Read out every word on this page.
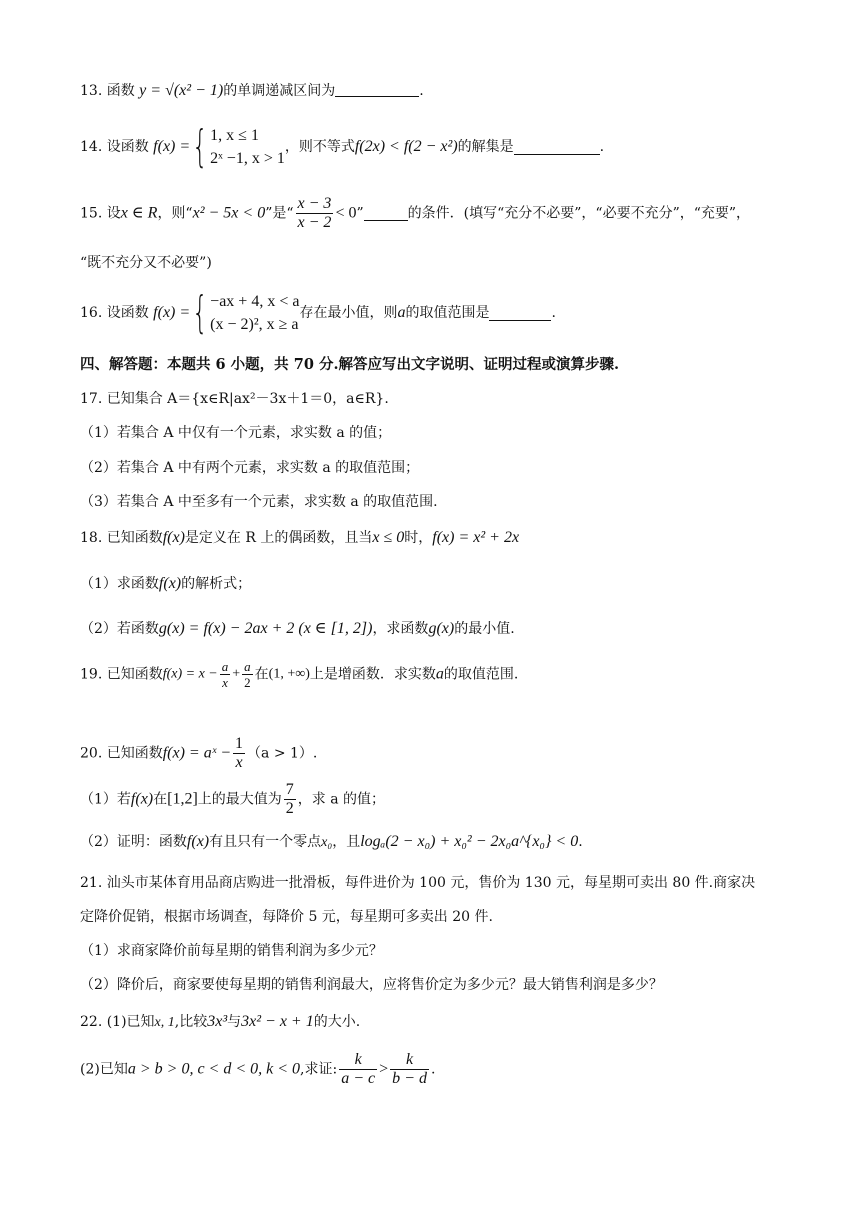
13. 函数 y = √(x² − 1)的单调递减区间为	.
14. 设函数 f(x) ={ 1, x ≤ 1
2ˣ −1, x > 1
，则不等式f(2x) < f(2 − x²)的解集是	.
15. 设x ∈ R，则“x² − 5x < 0”是“ $\frac{x - 3}{x - 2} < 0$”	的条件．(填写“充分不必要”，“必要不充分”，“充要”，
“既不充分又不必要”)
16. 设函数 f(x) ={ −ax + 4, x < a
(x − 2)², x ≥ a
存在最小值，则a的取值范围是	.
四、解答题：本题共 6 小题，共 70 分.解答应写出文字说明、证明过程或演算步骤.
17. 已知集合 A＝{x∈R|ax²－3x＋1＝0，a∈R}.
（1）若集合 A 中仅有一个元素，求实数 a 的值；
（2）若集合 A 中有两个元素，求实数 a 的取值范围；
（3）若集合 A 中至多有一个元素，求实数 a 的取值范围.
18. 已知函数f(x)是定义在 R 上的偶函数，且当x ≤ 0时，f(x) = x² + 2x
（1）求函数f(x)的解析式；
（2）若函数g(x) = f(x) − 2ax + 2 (x ∈ [1, 2])，求函数g(x)的最小值.
19. 已知函数$f(x) = x - \frac{a}{x} + \frac{a}{2}$ 在(1, +∞)上是增函数．求实数a的取值范围.
20. 已知函数f(x) = aˣ − $\frac{1}{x} (a > 1)$.
（1）若f(x)在[1,2]上的最大值为 $\frac{7}{2}$ ，求 a 的值；
（2）证明：函数f(x)有且只有一个零点x₀，且logₐ(2 − x₀) + x₀² − 2x₀a^{x₀} < 0.
21. 汕头市某体育用品商店购进一批滑板，每件进价为 100 元，售价为 130 元，每星期可卖出 80 件.商家决
定降价促销，根据市场调查，每降价 5 元，每星期可多卖出 20 件.
（1）求商家降价前每星期的销售利润为多少元？
（2）降价后，商家要使每星期的销售利润最大，应将售价定为多少元？最大销售利润是多少？
22. (1)已知x, 1,比较3x³与3x² − x + 1的大小.
(2)已知a > b > 0, c < d < 0, k < 0,求证: $\frac{k}{a - c} > \frac{k}{b - d}$ .
